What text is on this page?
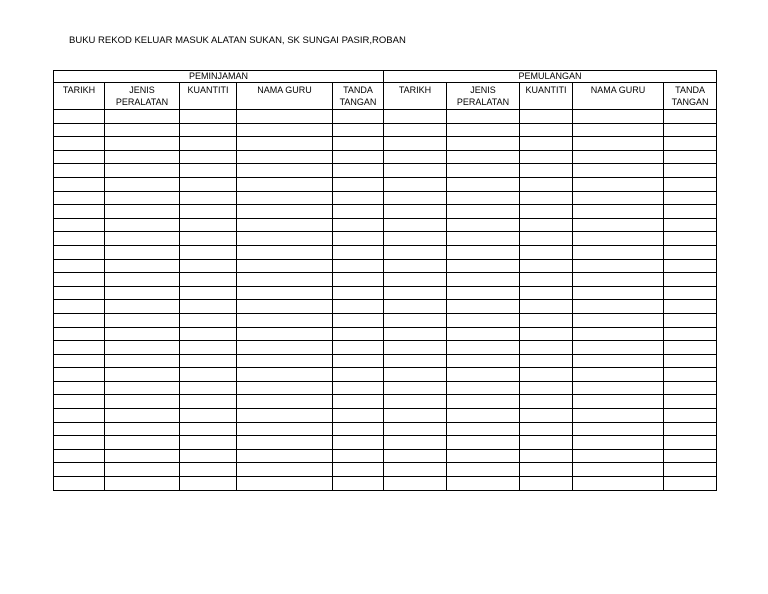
BUKU REKOD KELUAR MASUK ALATAN SUKAN, SK SUNGAI PASIR,ROBAN
PEMINJAMAN					PEMULANGAN				

TARIKH	JENIS PERALATAN	KUANTITI	NAMA GURU	TANDA TANGAN	TARIKH	JENIS PERALATAN	KUANTITI	NAMA GURU	TANDA TANGAN
